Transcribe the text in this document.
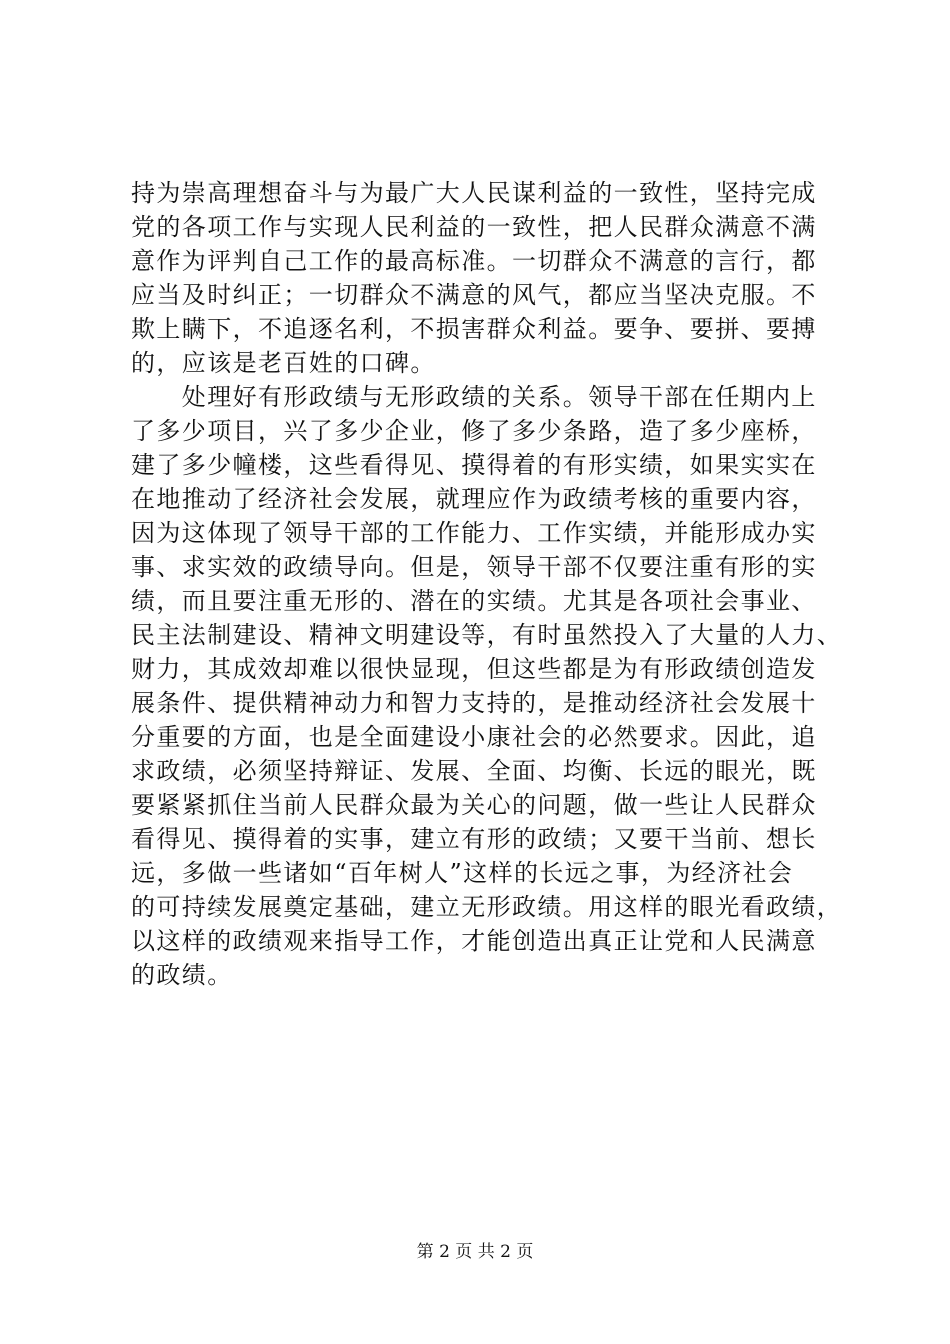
持为崇高理想奋斗与为最广大人民谋利益的一致性，坚持完成
党的各项工作与实现人民利益的一致性，把人民群众满意不满
意作为评判自己工作的最高标准。一切群众不满意的言行，都
应当及时纠正；一切群众不满意的风气，都应当坚决克服。不
欺上瞒下，不追逐名利，不损害群众利益。要争、要拼、要搏
的，应该是老百姓的口碑。
　　处理好有形政绩与无形政绩的关系。领导干部在任期内上
了多少项目，兴了多少企业，修了多少条路，造了多少座桥，
建了多少幢楼，这些看得见、摸得着的有形实绩，如果实实在
在地推动了经济社会发展，就理应作为政绩考核的重要内容，
因为这体现了领导干部的工作能力、工作实绩，并能形成办实
事、求实效的政绩导向。但是，领导干部不仅要注重有形的实
绩，而且要注重无形的、潜在的实绩。尤其是各项社会事业、
民主法制建设、精神文明建设等，有时虽然投入了大量的人力、
财力，其成效却难以很快显现，但这些都是为有形政绩创造发
展条件、提供精神动力和智力支持的，是推动经济社会发展十
分重要的方面，也是全面建设小康社会的必然要求。因此，追
求政绩，必须坚持辩证、发展、全面、均衡、长远的眼光，既
要紧紧抓住当前人民群众最为关心的问题，做一些让人民群众
看得见、摸得着的实事，建立有形的政绩；又要干当前、想长
远，多做一些诸如“百年树人”这样的长远之事，为经济社会
的可持续发展奠定基础，建立无形政绩。用这样的眼光看政绩，
以这样的政绩观来指导工作，才能创造出真正让党和人民满意
的政绩。
第 2 页 共 2 页
